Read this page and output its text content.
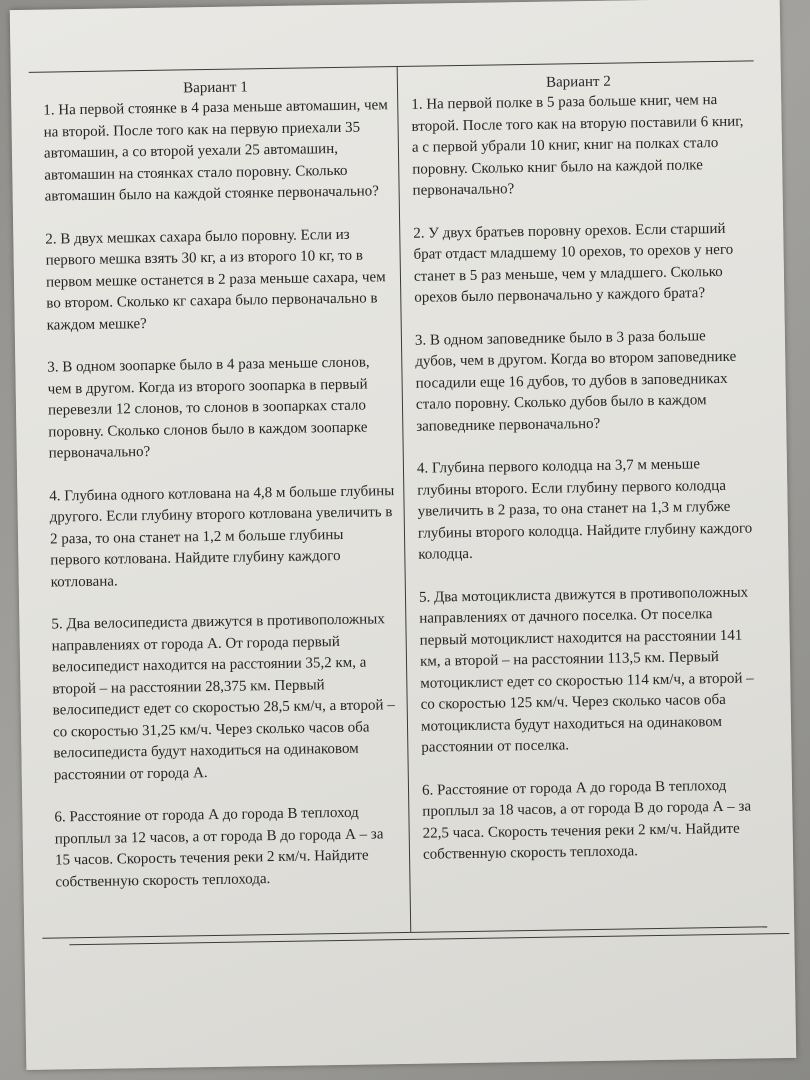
Вариант 1

1. На первой стоянке в 4 раза меньше автомашин, чем на второй. После того как на первую приехали 35 автомашин, а со второй уехали 25 автомашин, автомашин на стоянках стало поровну. Сколько автомашин было на каждой стоянке первоначально?

2. В двух мешках сахара было поровну. Если из первого мешка взять 30 кг, а из второго 10 кг, то в первом мешке останется в 2 раза меньше сахара, чем во втором. Сколько кг сахара было первоначально в каждом мешке?

3. В одном зоопарке было в 4 раза меньше слонов, чем в другом. Когда из второго зоопарка в первый перевезли 12 слонов, то слонов в зоопарках стало поровну. Сколько слонов было в каждом зоопарке первоначально?

4. Глубина одного котлована на 4,8 м больше глубины другого. Если глубину второго котлована увеличить в 2 раза, то она станет на 1,2 м больше глубины первого котлована. Найдите глубину каждого котлована.

5. Два велосипедиста движутся в противоположных направлениях от города А. От города первый велосипедист находится на расстоянии 35,2 км, а второй – на расстоянии 28,375 км. Первый велосипедист едет со скоростью 28,5 км/ч, а второй – со скоростью 31,25 км/ч. Через сколько часов оба велосипедиста будут находиться на одинаковом расстоянии от города А.

6. Расстояние от города А до города В теплоход проплыл за 12 часов, а от города В до города А – за 15 часов. Скорость течения реки 2 км/ч. Найдите собственную скорость теплохода.

Вариант 2

1. На первой полке в 5 раза больше книг, чем на второй. После того как на вторую поставили 6 книг, а с первой убрали 10 книг, книг на полках стало поровну. Сколько книг было на каждой полке первоначально?

2. У двух братьев поровну орехов. Если старший брат отдаст младшему 10 орехов, то орехов у него станет в 5 раз меньше, чем у младшего. Сколько орехов было первоначально у каждого брата?

3. В одном заповеднике было в 3 раза больше дубов, чем в другом. Когда во втором заповеднике посадили еще 16 дубов, то дубов в заповедниках стало поровну. Сколько дубов было в каждом заповеднике первоначально?

4. Глубина первого колодца на 3,7 м меньше глубины второго. Если глубину первого колодца увеличить в 2 раза, то она станет на 1,3 м глубже глубины второго колодца. Найдите глубину каждого колодца.

5. Два мотоциклиста движутся в противоположных направлениях от дачного поселка. От поселка первый мотоциклист находится на расстоянии 141 км, а второй – на расстоянии 113,5 км. Первый мотоциклист едет со скоростью 114 км/ч, а второй – со скоростью 125 км/ч. Через сколько часов оба мотоциклиста будут находиться на одинаковом расстоянии от поселка.

6. Расстояние от города А до города В теплоход проплыл за 18 часов, а от города В до города А – за 22,5 часа. Скорость течения реки 2 км/ч. Найдите собственную скорость теплохода.
